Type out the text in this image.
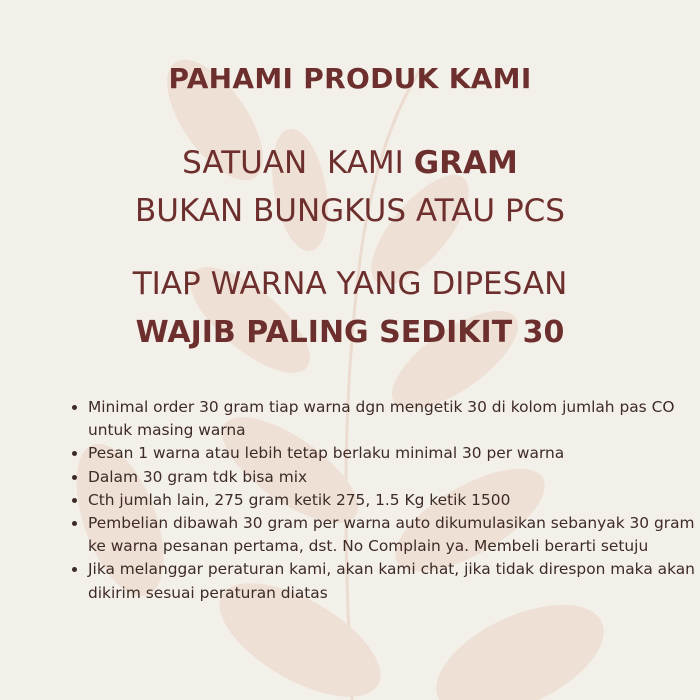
PAHAMI PRODUK KAMI
SATUAN  KAMI GRAM
BUKAN BUNGKUS ATAU PCS
TIAP WARNA YANG DIPESAN
WAJIB PALING SEDIKIT 30
• Minimal order 30 gram tiap warna dgn mengetik 30 di kolom jumlah pas CO untuk masing warna
• Pesan 1 warna atau lebih tetap berlaku minimal 30 per warna
• Dalam 30 gram tdk bisa mix
• Cth jumlah lain, 275 gram ketik 275, 1.5 Kg ketik 1500
• Pembelian dibawah 30 gram per warna auto dikumulasikan sebanyak 30 gram ke warna pesanan pertama, dst. No Complain ya. Membeli berarti setuju
• Jika melanggar peraturan kami, akan kami chat, jika tidak direspon maka akan dikirim sesuai peraturan diatas
